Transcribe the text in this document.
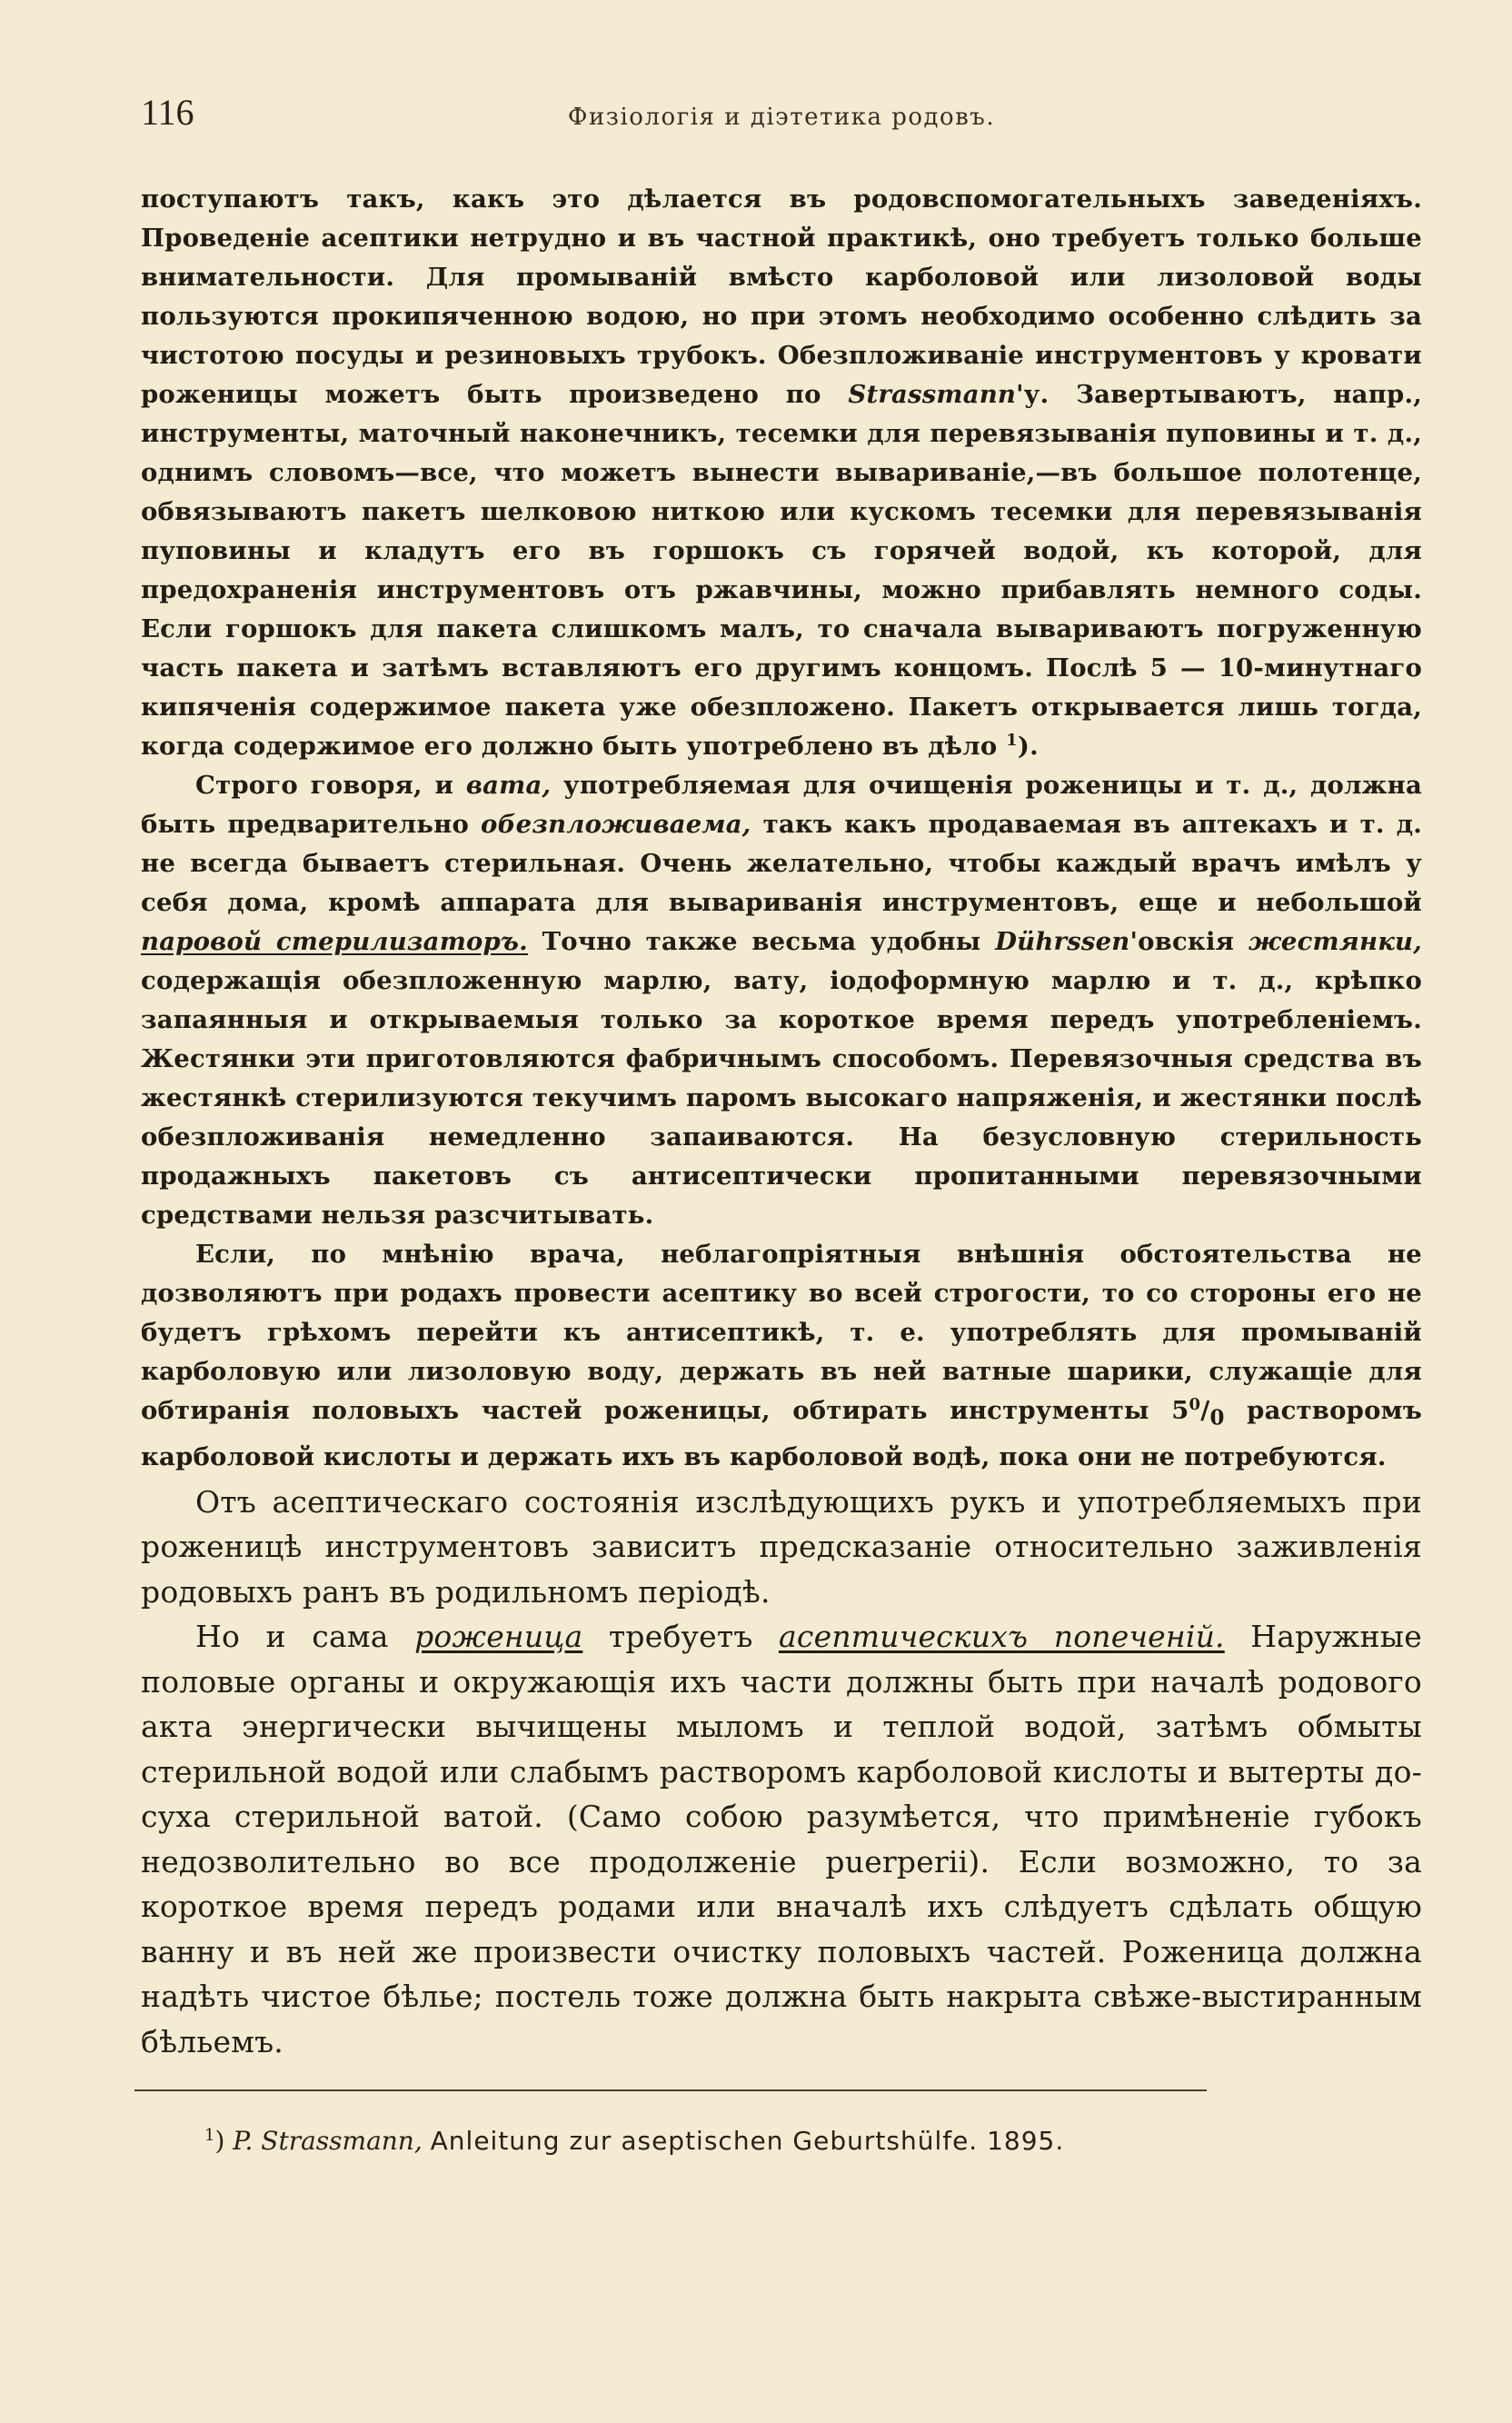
116	Физіологія и діэтетика родовъ.

поступаютъ такъ, какъ это дѣлается въ родовспомогательныхъ заведеніяхъ. Проведеніе асептики нетрудно и въ частной практикѣ, оно требуетъ только больше внимательности. Для промываній вмѣсто карболовой или лизоловой воды пользуются прокипяченною водою, но при этомъ необходимо особенно слѣдить за чистотою посуды и резиновыхъ трубокъ. Обезпложиваніе инструментовъ у кровати роженицы можетъ быть произведено по Strassmann'у. Завертываютъ, напр., инструменты, маточный наконечникъ, тесемки для перевязыванія пуповины и т. д., однимъ словомъ—все, что можетъ вынести вывариваніе,—въ большое полотенце, обвязываютъ пакетъ шелковою ниткою или кускомъ тесемки для перевязыванія пуповины и кладутъ его въ горшокъ съ горячей водой, къ которой, для предохраненія инструментовъ отъ ржавчины, можно прибавлять немного соды. Если горшокъ для пакета слишкомъ малъ, то сначала вывариваютъ погруженную часть пакета и затѣмъ вставляютъ его другимъ концомъ. Послѣ 5 — 10-минутнаго кипяченія содержимое пакета уже обезпложено. Пакетъ открывается лишь тогда, когда содержимое его должно быть употреблено въ дѣло $^1$).

Строго говоря, и вата, употребляемая для очищенія роженицы и т. д., должна быть предварительно обезпложиваема, такъ какъ продаваемая въ аптекахъ и т. д. не всегда бываетъ стерильная. Очень желательно, чтобы каждый врачъ имѣлъ у себя дома, кромѣ аппарата для вывариванія инструментовъ, еще и небольшой паровой стерилизаторъ. Точно также весьма удобны Dührssen'овскія жестянки, содержащія обезпложенную марлю, вату, іодоформную марлю и т. д., крѣпко запаянныя и открываемыя только за короткое время передъ употребленіемъ. Жестянки эти приготовляются фабричнымъ способомъ. Перевязочныя средства въ жестянкѣ стерилизуются текучимъ паромъ высокаго напряженія, и жестянки послѣ обезпложиванія немедленно запаиваются. На безусловную стерильность продажныхъ пакетовъ съ антисептически пропитанными перевязочными средствами нельзя разсчитывать.

Если, по мнѣнію врача, неблагопріятныя внѣшнія обстоятельства не дозволяютъ при родахъ провести асептику во всей строгости, то со стороны его не будетъ грѣхомъ перейти къ антисептикѣ, т. е. употреблять для промываній карболовую или лизоловую воду, держать въ ней ватные шарики, служащіе для обтиранія половыхъ частей роженицы, обтирать инструменты $5^0/_0$ растворомъ карболовой кислоты и держать ихъ въ карболовой водѣ, пока они не потребуются.

Отъ асептическаго состоянія изслѣдующихъ рукъ и употребляемыхъ при роженицѣ инструментовъ зависитъ предсказаніе относительно заживленія родовыхъ ранъ въ родильномъ періодѣ.

Но и сама роженица требуетъ асептическихъ попеченій. Наружные половые органы и окружающія ихъ части должны быть при началѣ родового акта энергически вычищены мыломъ и теплой водой, затѣмъ обмыты стерильной водой или слабымъ растворомъ карболовой кислоты и вытерты до-суха стерильной ватой. (Само собою разумѣется, что примѣненіе губокъ недозволительно во все продолженіе puerperii). Если возможно, то за короткое время передъ родами или вначалѣ ихъ слѣдуетъ сдѣлать общую ванну и въ ней же произвести очистку половыхъ частей. Роженица должна надѣть чистое бѣлье; постель тоже должна быть накрыта свѣже-выстиранным бѣльемъ.

$^1$) P. Strassmann, Anleitung zur aseptischen Geburtshülfe. 1895.
